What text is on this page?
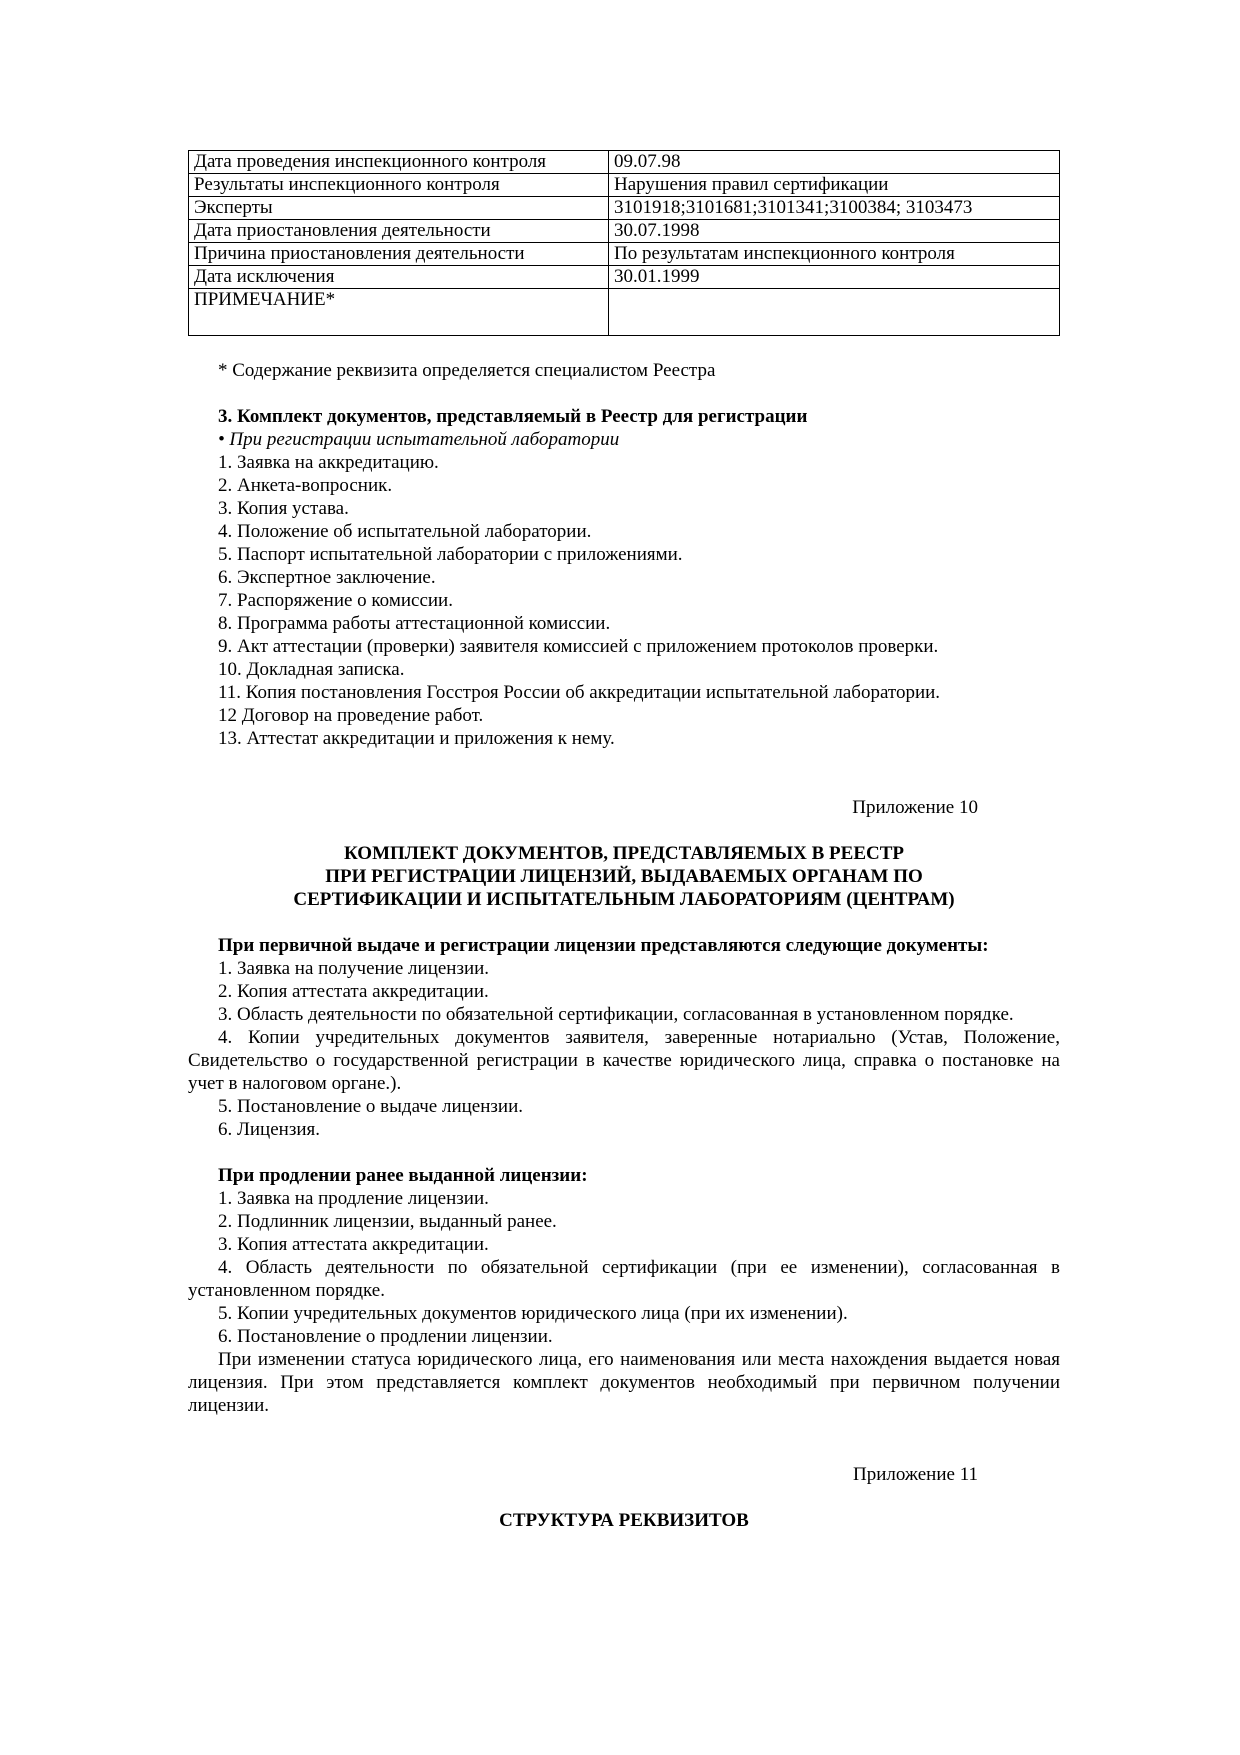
Дата проведения инспекционного контроля	09.07.98
Результаты инспекционного контроля	Нарушения правил сертификации
Эксперты	3101918;3101681;3101341;3100384; 3103473
Дата приостановления деятельности	30.07.1998
Причина приостановления деятельности	По результатам инспекционного контроля
Дата исключения	30.01.1999
ПРИМЕЧАНИЕ*	

* Содержание реквизита определяется специалистом Реестра

3. Комплект документов, представляемый в Реестр для регистрации

• При регистрации испытательной лаборатории

1. Заявка на аккредитацию.

2. Анкета-вопросник.

3. Копия устава.

4. Положение об испытательной лаборатории.

5. Паспорт испытательной лаборатории с приложениями.

6. Экспертное заключение.

7. Распоряжение о комиссии.

8. Программа работы аттестационной комиссии.

9. Акт аттестации (проверки) заявителя комиссией с приложением протоколов проверки.

10. Докладная записка.

11. Копия постановления Госстроя России об аккредитации испытательной лаборатории.

12 Договор на проведение работ.

13. Аттестат аккредитации и приложения к нему.

Приложение 10

КОМПЛЕКТ ДОКУМЕНТОВ, ПРЕДСТАВЛЯЕМЫХ В РЕЕСТР

ПРИ РЕГИСТРАЦИИ ЛИЦЕНЗИЙ, ВЫДАВАЕМЫХ ОРГАНАМ ПО

СЕРТИФИКАЦИИ И ИСПЫТАТЕЛЬНЫМ ЛАБОРАТОРИЯМ (ЦЕНТРАМ)

При первичной выдаче и регистрации лицензии представляются следующие документы:

1. Заявка на получение лицензии.

2. Копия аттестата аккредитации.

3. Область деятельности по обязательной сертификации, согласованная в установленном порядке.

4. Копии учредительных документов заявителя, заверенные нотариально (Устав, Положение, Свидетельство о государственной регистрации в качестве юридического лица, справка о постановке на учет в налоговом органе.).

5. Постановление о выдаче лицензии.

6. Лицензия.

При продлении ранее выданной лицензии:

1. Заявка на продление лицензии.

2. Подлинник лицензии, выданный ранее.

3. Копия аттестата аккредитации.

4. Область деятельности по обязательной сертификации (при ее изменении), согласованная в установленном порядке.

5. Копии учредительных документов юридического лица (при их изменении).

6. Постановление о продлении лицензии.

При изменении статуса юридического лица, его наименования или места нахождения выдается новая лицензия. При этом представляется комплект документов необходимый при первичном получении лицензии.

Приложение 11

СТРУКТУРА РЕКВИЗИТОВ
